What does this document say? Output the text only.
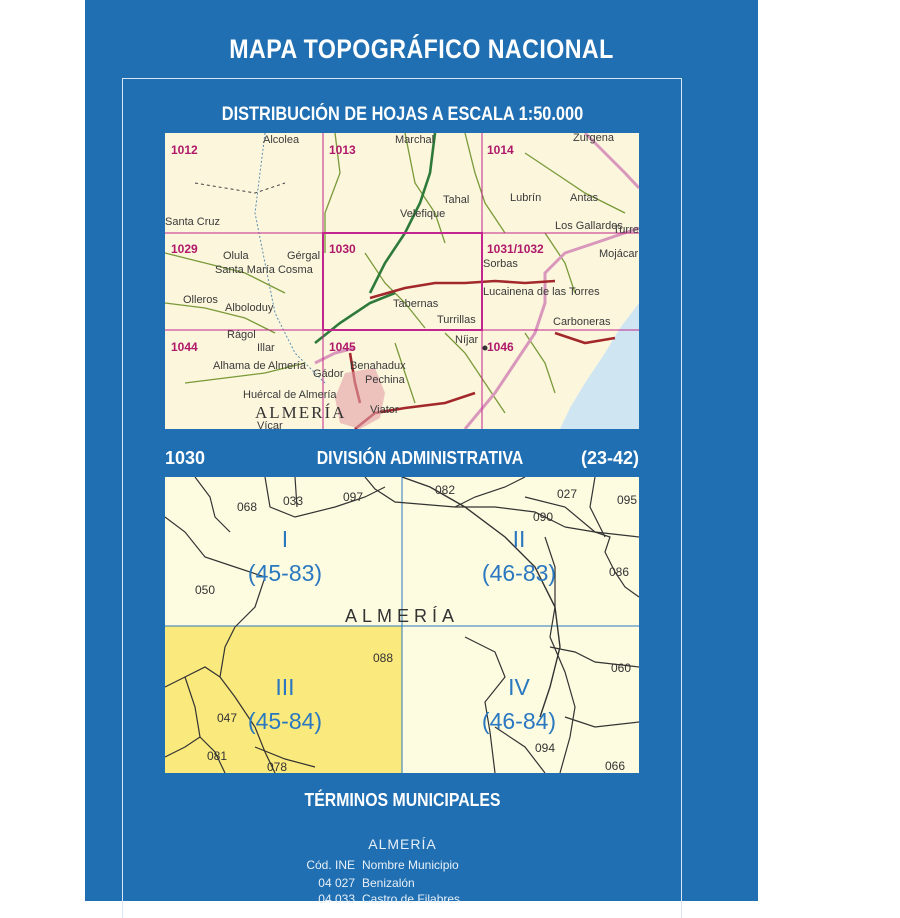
MAPA TOPOGRÁFICO NACIONAL
DISTRIBUCIÓN DE HOJAS A ESCALA 1:50.000
1012	1013	1014
1029	1030	1031/1032
1044	1045	1046
Alcolea	Marchal	Zurgena
Tahal	Lubrín	Antas
Velefique
Los Gallardos
Turre
Mojácar
Gérgal
Olula
Santa María Cosma
Olleros
Alboloduy
Sorbas
Tabernas
Lucainena de las Torres
Turrillas
Níjar
Carboneras
Alhama de Almería
Gádor
Benahadux
Pechina
Huércal de Almería
Viator
ALMERÍA
Vícar
Illar
Rágol
Santa Cruz
1030	DIVISIÓN ADMINISTRATIVA	(23-42)
ALMERÍA
I
(45-83)
II
(46-83)
III
(45-84)
IV
(46-84)
068 033	097	082	027	095
090
050
086
088
060
047
081
078
094
066
TÉRMINOS MUNICIPALES
ALMERÍA
Cód. INE Nombre Municipio
04 027 Benizalón
04 033 Castro de Filabres
